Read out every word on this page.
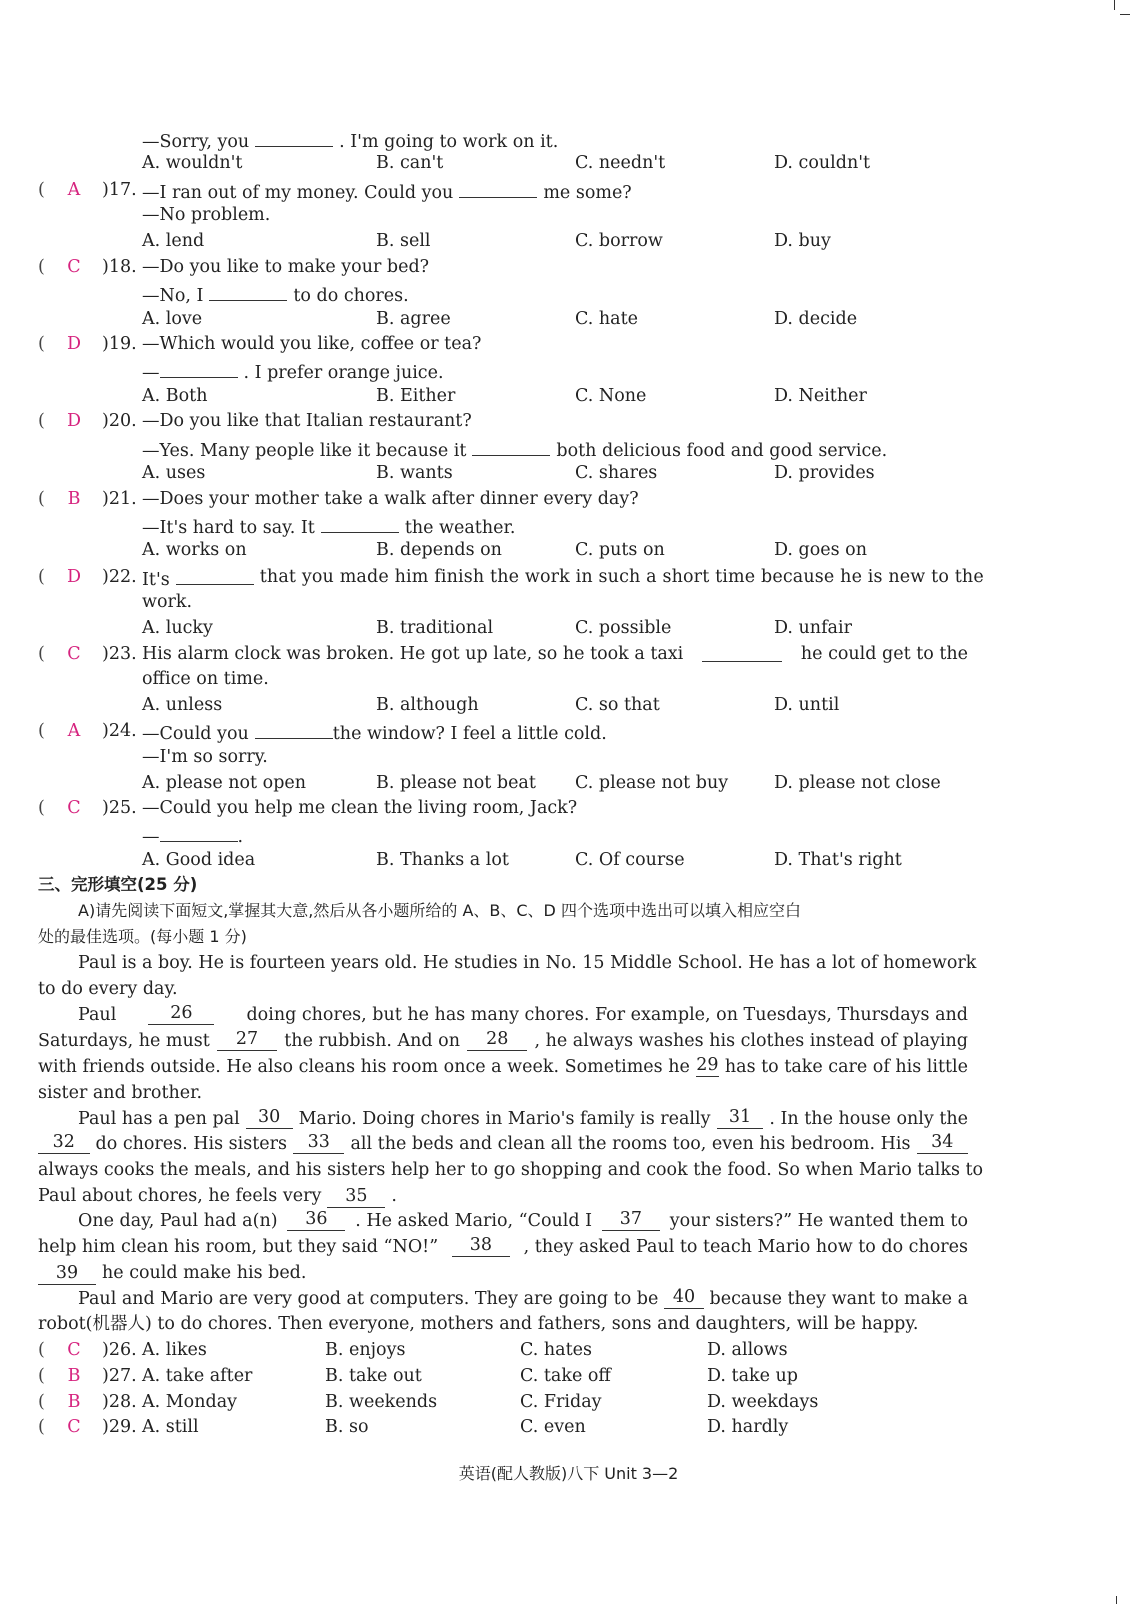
—Sorry, you	. I'm going to work on it.
A. wouldn't	B. can't	C. needn't	D. couldn't
(	A	)17. —I ran out of my money. Could you	me some?
—No problem.
A. lend	B. sell	C. borrow	D. buy
(	C	)18. —Do you like to make your bed?
—No, I	to do chores.
A. love	B. agree	C. hate	D. decide
( D )19. —Which would you like, coffee or tea?
—	. I prefer orange juice.
A. Both	B. Either	C. None	D. Neither
( D )20. —Do you like that Italian restaurant?
—Yes. Many people like it because it	both delicious food and good service.
A. uses	B. wants	C. shares	D. provides
(	B	)21. —Does your mother take a walk after dinner every day?
—It's hard to say. It	the weather.
A. works on	B. depends on	C. puts on	D. goes on
( D )22. It's	that you made him finish the work in such a short time because he is new to the
work.
A. lucky	B. traditional	C. possible	D. unfair
(	C	)23. His alarm clock was broken. He got up late, so he took a taxi	he could get to the
office on time.
A. unless	B. although	C. so that	D. until
(	A	)24. —Could you	the window? I feel a little cold.
—I'm so sorry.
A. please not open	B. please not beat C. please not buy	D. please not close
(	C	)25. —Could you help me clean the living room, Jack?
—	.
A. Good idea	B. Thanks a lot	C. Of course	D. That's right
三、完形填空(25 分)
A)请先阅读下面短文,掌握其大意,然后从各小题所给的 A、B、C、D 四个选项中选出可以填入相应空白
处的最佳选项。(每小题 1 分)
Paul is a boy. He is fourteen years old. He studies in No. 15 Middle School. He has a lot of homework
to do every day.
Paul	26	doing chores, but he has many chores. For example, on Tuesdays, Thursdays and
Saturdays, he must	27	the rubbish. And on	28	, he always washes his clothes instead of playing
with friends outside. He also cleans his room once a week. Sometimes he 29 has to take care of his little
sister and brother.
Paul has a pen pal	30	Mario. Doing chores in Mario's family is really	31	. In the house only the
32	do chores. His sisters	33	all the beds and clean all the rooms too, even his bedroom. His	34
always cooks the meals, and his sisters help her to go shopping and cook the food. So when Mario talks to
Paul about chores, he feels very 35 .
One day, Paul had a(n)	36	. He asked Mario, “Could I	37	your sisters?” He wanted them to
help him clean his room, but they said “NO!”	38	, they asked Paul to teach Mario how to do chores
39 he could make his bed.
Paul and Mario are very good at computers. They are going to be 40 because they want to make a
robot(机器人) to do chores. Then everyone, mothers and fathers, sons and daughters, will be happy.
(	C	)26. A. likes	B. enjoys	C. hates	D. allows
(	B	)27. A. take after	B. take out	C. take off	D. take up
(	B	)28. A. Monday	B. weekends	C. Friday	D. weekdays
(	C	)29. A. still	B. so	C. even	D. hardly
英语(配人教版)八下 Unit 3—2
